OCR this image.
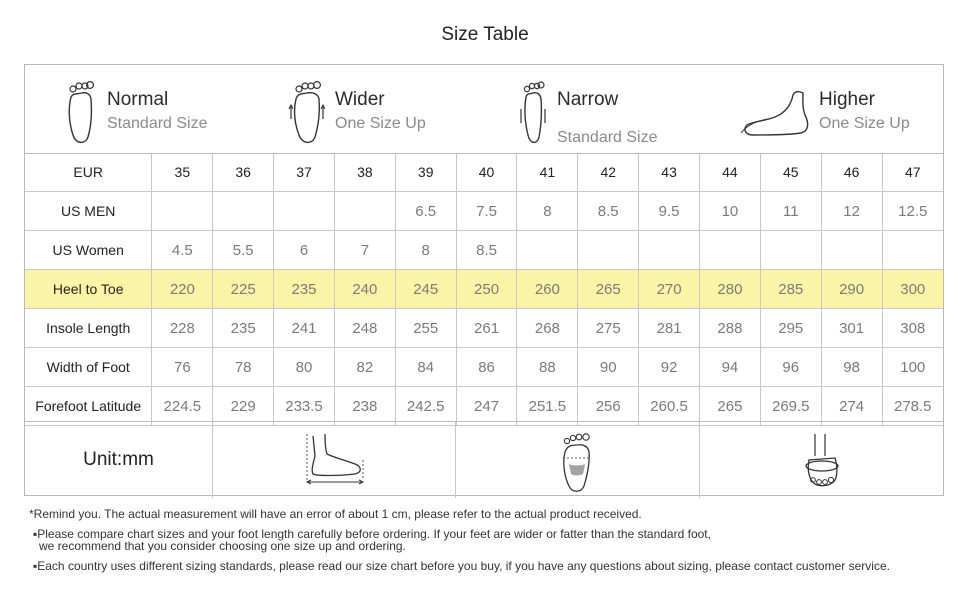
Size Table
Normal
Standard Size
Wider
One Size Up
Narrow
Standard Size
Higher
One Size Up
EUR	35	36	37	38	39	40	41	42	43	44	45	46	47
US MEN					6.5	7.5	8	8.5	9.5	10	11	12	12.5
US Women	4.5	5.5	6	7	8	8.5							
Heel to Toe	220	225	235	240	245	250	260	265	270	280	285	290	300
Insole Length	228	235	241	248	255	261	268	275	281	288	295	301	308
Width of Foot	76	78	80	82	84	86	88	90	92	94	96	98	100
Forefoot Latitude	224.5	229	233.5	238	242.5	247	251.5	256	260.5	265	269.5	274	278.5
Unit:mm
*Remind you. The actual measurement will have an error of about 1 cm, please refer to the actual product received.
▪Please compare chart sizes and your foot length carefully before ordering. If your feet are wider or fatter than the standard foot,
we recommend that you consider choosing one size up and ordering.
▪Each country uses different sizing standards, please read our size chart before you buy, if you have any questions about sizing, please contact customer service.
